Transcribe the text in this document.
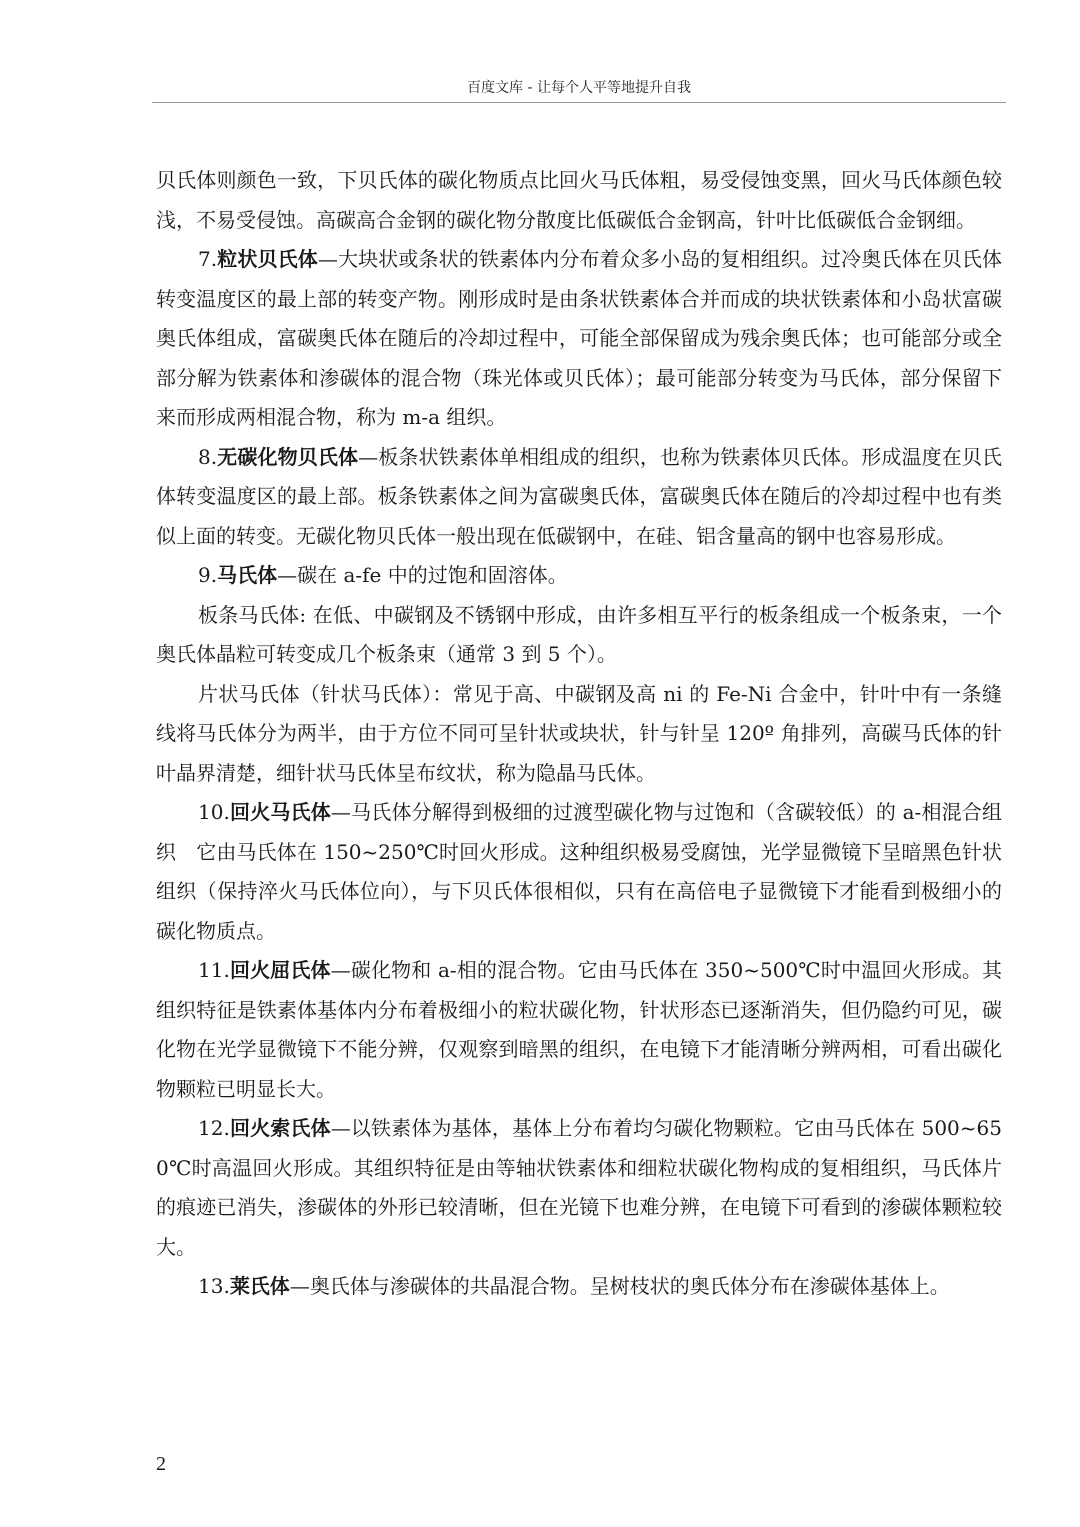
百度文库 - 让每个人平等地提升自我

贝氏体则颜色一致，下贝氏体的碳化物质点比回火马氏体粗，易受侵蚀变黑，回火马氏体颜色较浅，不易受侵蚀。高碳高合金钢的碳化物分散度比低碳低合金钢高，针叶比低碳低合金钢细。

7.粒状贝氏体—大块状或条状的铁素体内分布着众多小岛的复相组织。过冷奥氏体在贝氏体转变温度区的最上部的转变产物。刚形成时是由条状铁素体合并而成的块状铁素体和小岛状富碳奥氏体组成，富碳奥氏体在随后的冷却过程中，可能全部保留成为残余奥氏体；也可能部分或全部分解为铁素体和渗碳体的混合物（珠光体或贝氏体）；最可能部分转变为马氏体，部分保留下来而形成两相混合物，称为 m-a 组织。

8.无碳化物贝氏体—板条状铁素体单相组成的组织，也称为铁素体贝氏体。形成温度在贝氏体转变温度区的最上部。板条铁素体之间为富碳奥氏体，富碳奥氏体在随后的冷却过程中也有类似上面的转变。无碳化物贝氏体一般出现在低碳钢中，在硅、铝含量高的钢中也容易形成。

9.马氏体—碳在 a-fe 中的过饱和固溶体。

板条马氏体: 在低、中碳钢及不锈钢中形成，由许多相互平行的板条组成一个板条束，一个奥氏体晶粒可转变成几个板条束（通常 3 到 5 个）。

片状马氏体（针状马氏体）：常见于高、中碳钢及高 ni 的 Fe-Ni 合金中，针叶中有一条缝线将马氏体分为两半，由于方位不同可呈针状或块状，针与针呈 120º 角排列，高碳马氏体的针叶晶界清楚，细针状马氏体呈布纹状，称为隐晶马氏体。

10.回火马氏体—马氏体分解得到极细的过渡型碳化物与过饱和（含碳较低）的 a-相混合组织　它由马氏体在 150~250℃时回火形成。这种组织极易受腐蚀，光学显微镜下呈暗黑色针状组织（保持淬火马氏体位向），与下贝氏体很相似，只有在高倍电子显微镜下才能看到极细小的碳化物质点。

11.回火屈氏体—碳化物和 a-相的混合物。它由马氏体在 350~500℃时中温回火形成。其组织特征是铁素体基体内分布着极细小的粒状碳化物，针状形态已逐渐消失，但仍隐约可见，碳化物在光学显微镜下不能分辨，仅观察到暗黑的组织，在电镜下才能清晰分辨两相，可看出碳化物颗粒已明显长大。

12.回火索氏体—以铁素体为基体，基体上分布着均匀碳化物颗粒。它由马氏体在 500~650℃时高温回火形成。其组织特征是由等轴状铁素体和细粒状碳化物构成的复相组织，马氏体片的痕迹已消失，渗碳体的外形已较清晰，但在光镜下也难分辨，在电镜下可看到的渗碳体颗粒较大。

13.莱氏体—奥氏体与渗碳体的共晶混合物。呈树枝状的奥氏体分布在渗碳体基体上。

2
